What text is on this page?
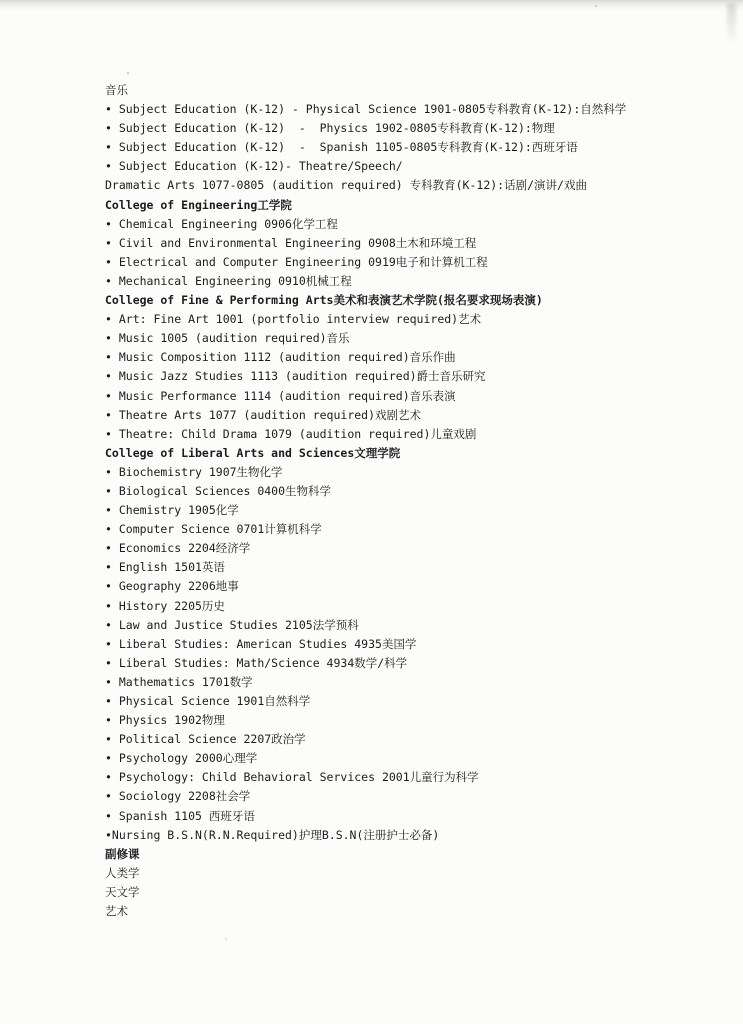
音乐
• Subject Education (K-12) - Physical Science 1901-0805专科教育(K-12):自然科学
• Subject Education (K-12)  -  Physics 1902-0805专科教育(K-12):物理
• Subject Education (K-12)  -  Spanish 1105-0805专科教育(K-12):西班牙语
• Subject Education (K-12)- Theatre/Speech/
Dramatic Arts 1077-0805 (audition required) 专科教育(K-12):话剧/演讲/戏曲
College of Engineering工学院
• Chemical Engineering 0906化学工程
• Civil and Environmental Engineering 0908土木和环境工程
• Electrical and Computer Engineering 0919电子和计算机工程
• Mechanical Engineering 0910机械工程
College of Fine & Performing Arts美术和表演艺术学院(报名要求现场表演)
• Art: Fine Art 1001 (portfolio interview required)艺术
• Music 1005 (audition required)音乐
• Music Composition 1112 (audition required)音乐作曲
• Music Jazz Studies 1113 (audition required)爵士音乐研究
• Music Performance 1114 (audition required)音乐表演
• Theatre Arts 1077 (audition required)戏剧艺术
• Theatre: Child Drama 1079 (audition required)儿童戏剧
College of Liberal Arts and Sciences文理学院
• Biochemistry 1907生物化学
• Biological Sciences 0400生物科学
• Chemistry 1905化学
• Computer Science 0701计算机科学
• Economics 2204经济学
• English 1501英语
• Geography 2206地事
• History 2205历史
• Law and Justice Studies 2105法学预科
• Liberal Studies: American Studies 4935美国学
• Liberal Studies: Math/Science 4934数学/科学
• Mathematics 1701数学
• Physical Science 1901自然科学
• Physics 1902物理
• Political Science 2207政治学
• Psychology 2000心理学
• Psychology: Child Behavioral Services 2001儿童行为科学
• Sociology 2208社会学
• Spanish 1105 西班牙语
•Nursing B.S.N(R.N.Required)护理B.S.N(注册护士必备)
副修课
人类学
天文学
艺术
